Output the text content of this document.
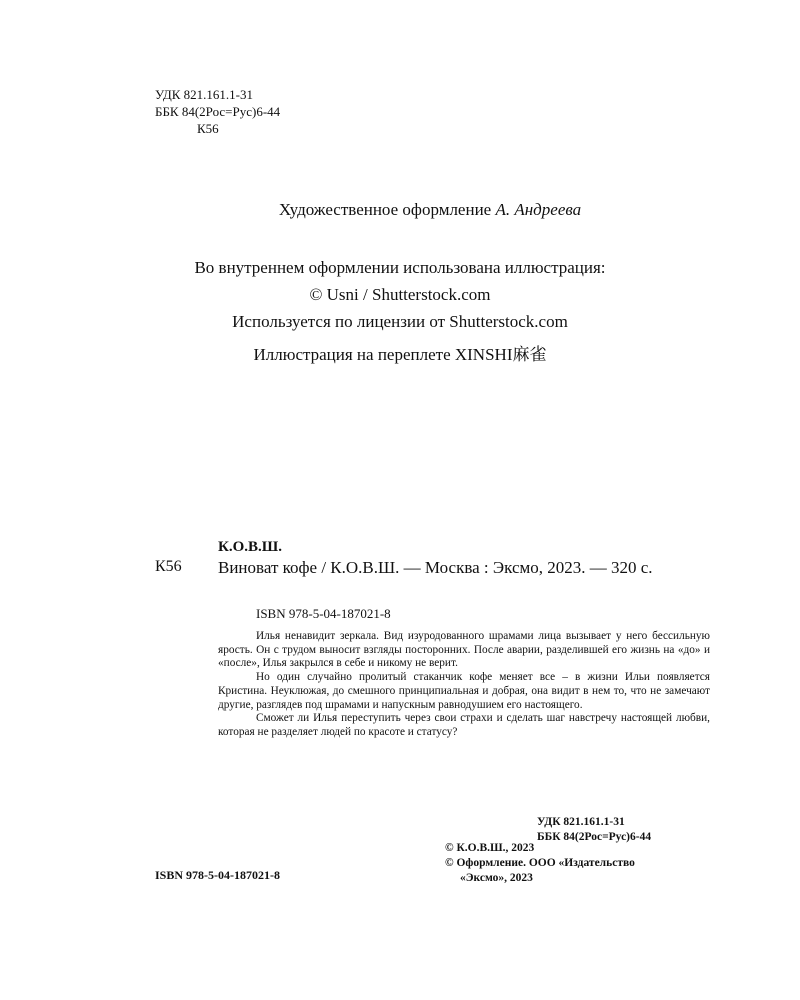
УДК 821.161.1-31
ББК 84(2Рос=Рус)6-44
К56
Художественное оформление А. Андреева
Во внутреннем оформлении использована иллюстрация:
© Usni / Shutterstock.com
Используется по лицензии от Shutterstock.com
Иллюстрация на переплете XINSHI麻雀
К.О.В.Ш.
К56 Виноват кофе / К.О.В.Ш. — Москва : Эксмо, 2023. — 320 с.
ISBN 978-5-04-187021-8

Илья ненавидит зеркала. Вид изуродованного шрамами лица вызывает у него бессильную ярость. Он с трудом выносит взгляды посторонних. После аварии, разделившей его жизнь на «до» и «после», Илья закрылся в себе и никому не верит.

Но один случайно пролитый стаканчик кофе меняет все – в жизни Ильи появляется Кристина. Неуклюжая, до смешного принципиальная и добрая, она видит в нем то, что не замечают другие, разглядев под шрамами и напускным равнодушием его настоящего.

Сможет ли Илья переступить через свои страхи и сделать шаг навстречу настоящей любви, которая не разделяет людей по красоте и статусу?

УДК 821.161.1-31
ББК 84(2Рос=Рус)6-44
© К.О.В.Ш., 2023
© Оформление. ООО «Издательство
«Эксмо», 2023
ISBN 978-5-04-187021-8
